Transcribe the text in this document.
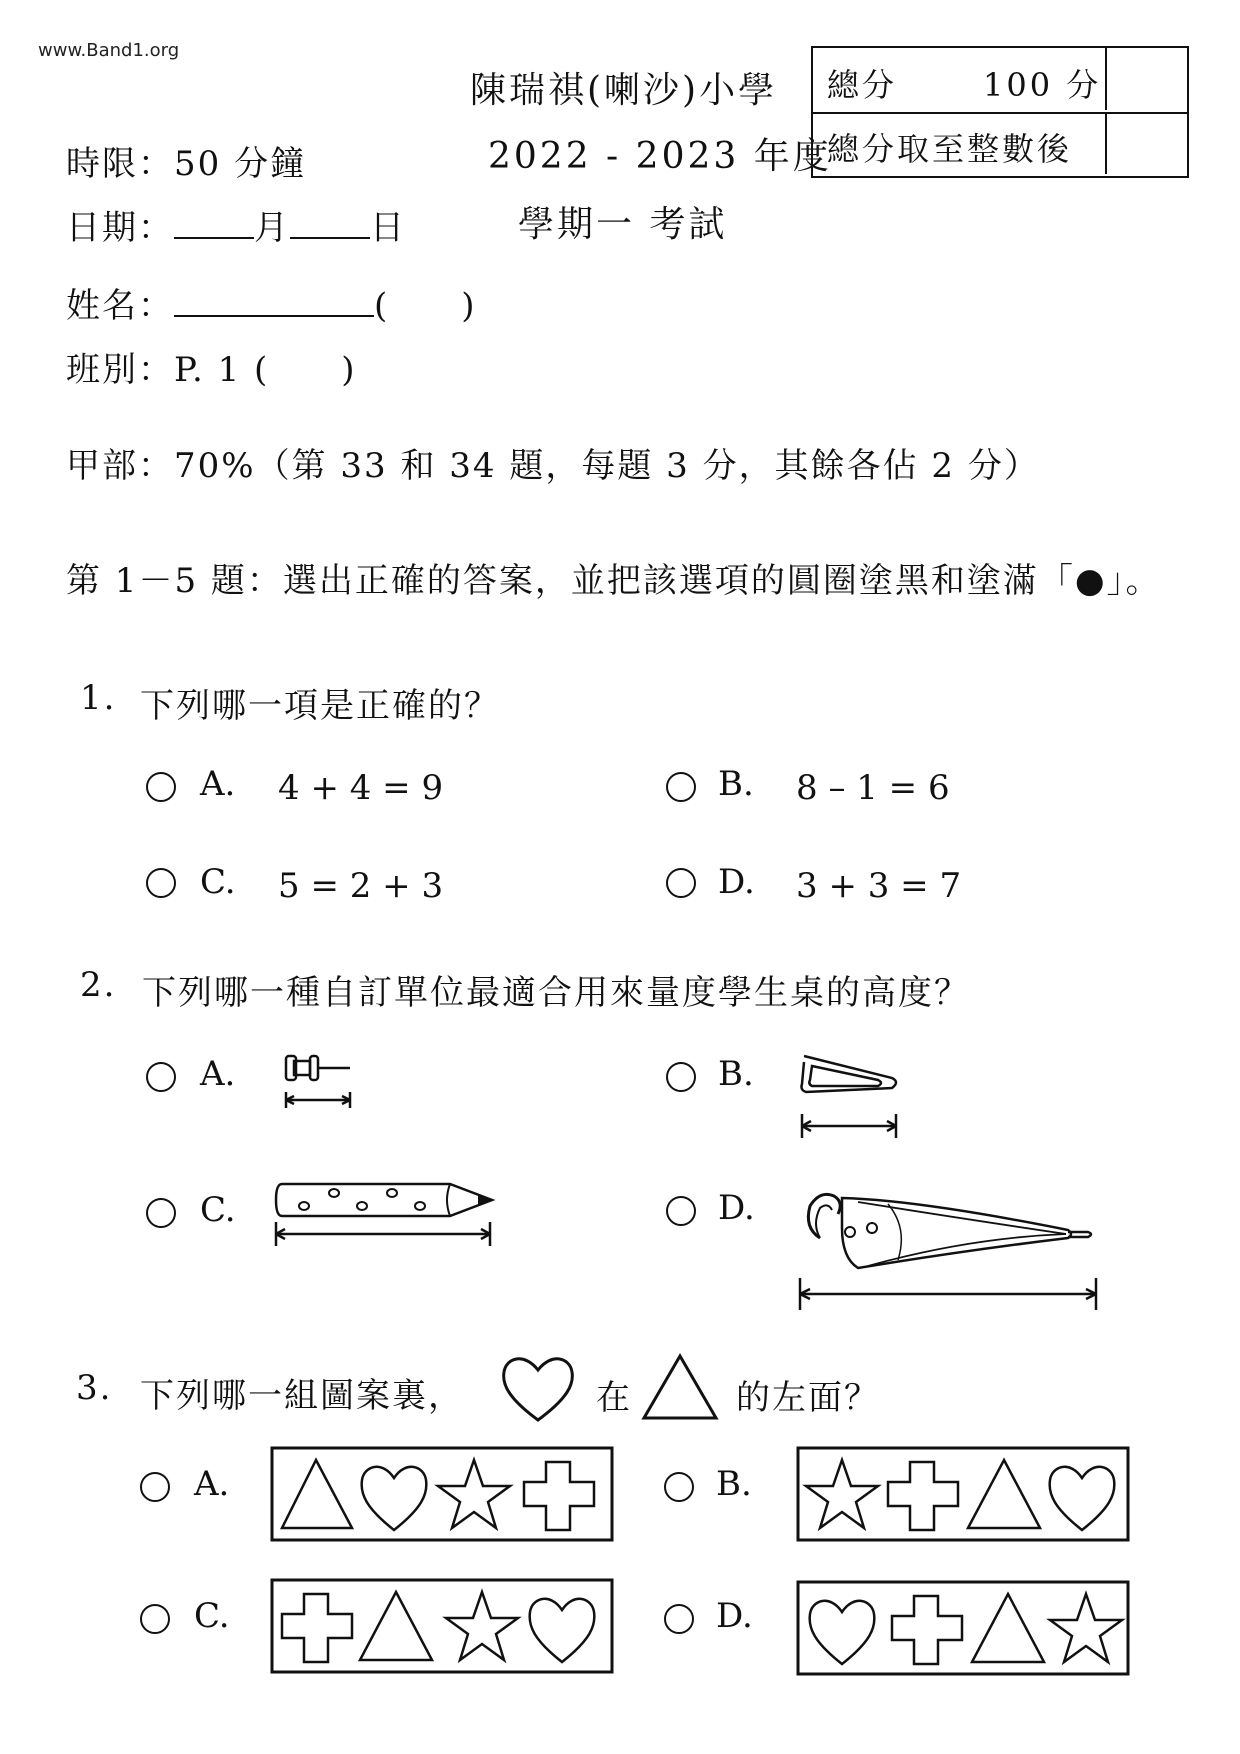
www.Band1.org
陳瑞祺(喇沙)小學
2022 - 2023 年度
學期一 考試
總分	100 分
總分取至整數後
時限：50 分鐘
日期： 月 日
姓名：	(　　)
班別：P. 1 (　　)
甲部：70%（第 33 和 34 題，每題 3 分，其餘各佔 2 分）
第 1－5 題：選出正確的答案，並把該選項的圓圈塗黑和塗滿「●」。
1. 下列哪一項是正確的？
A. 4 + 4 = 9	B. 8 – 1 = 6
C. 5 = 2 + 3	D. 3 + 3 = 7
2. 下列哪一種自訂單位最適合用來量度學生桌的高度？
A.	B.
C.	D.
3. 下列哪一組圖案裏，	在	的左面？
A.	B.
C.	D.
